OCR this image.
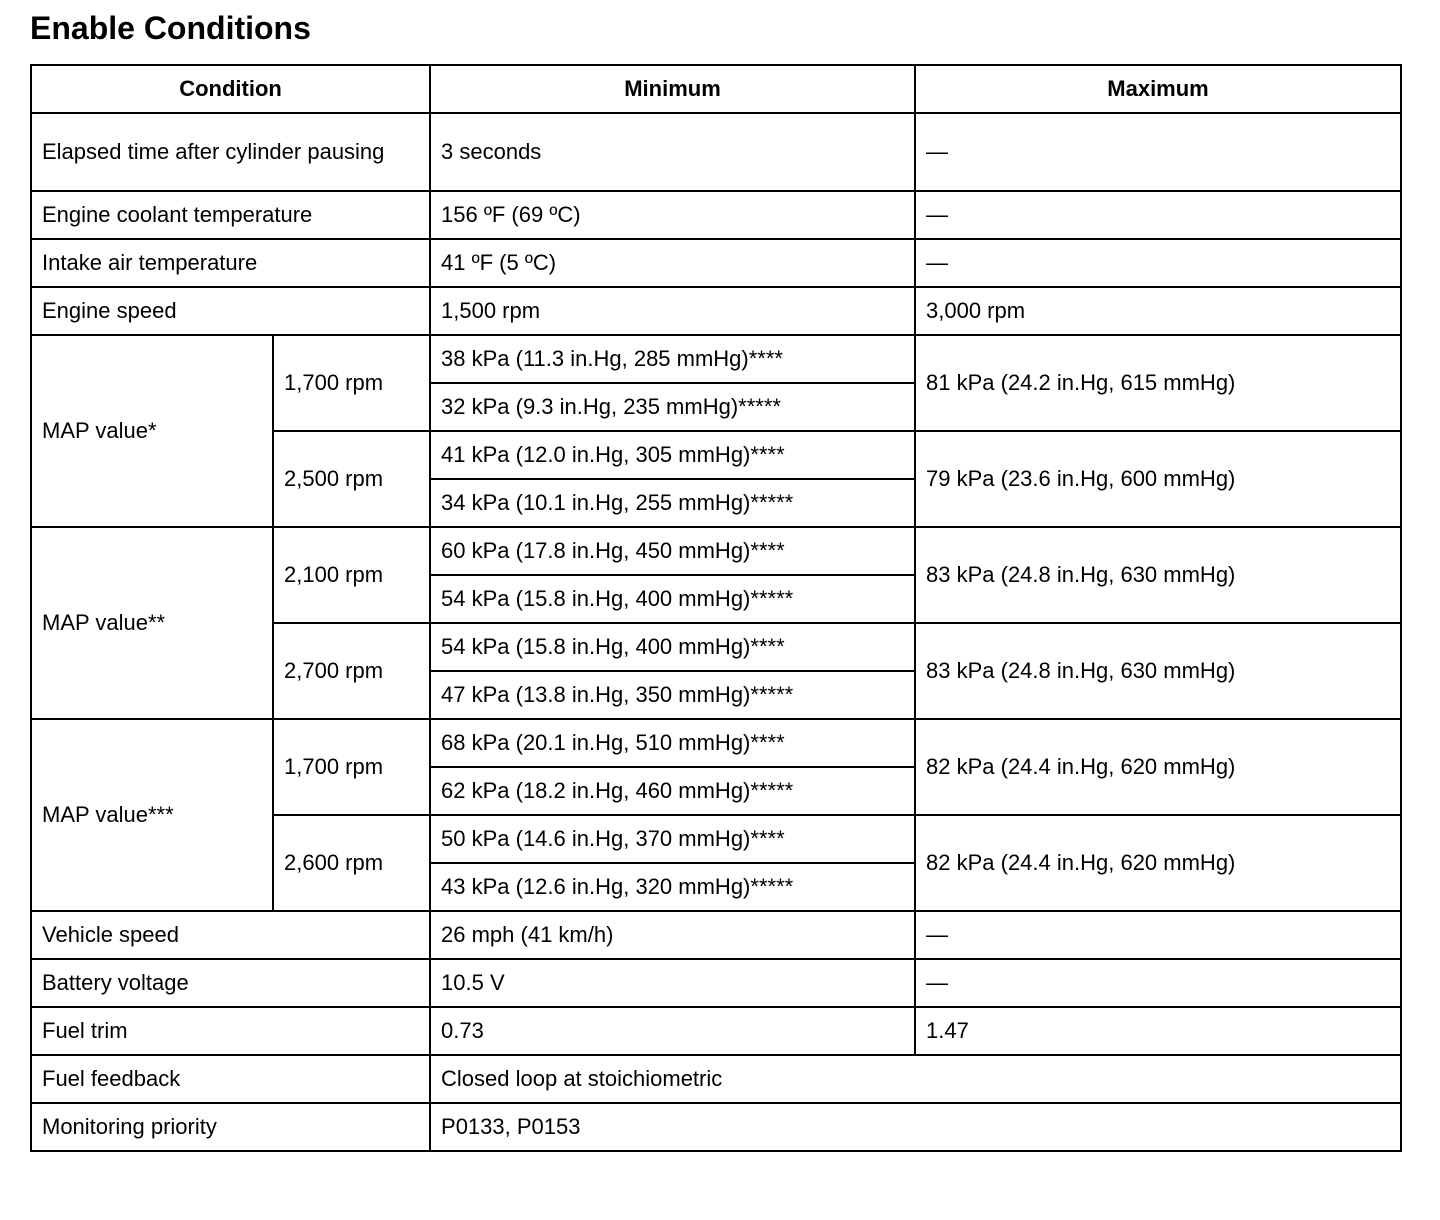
Enable Conditions
Condition		Minimum	Maximum
Elapsed time after cylinder pausing		3 seconds	—
Engine coolant temperature		156 ºF (69 ºC)	—
Intake air temperature		41 ºF (5 ºC)	—
Engine speed		1,500 rpm	3,000 rpm
MAP value*	1,700 rpm	38 kPa (11.3 in.Hg, 285 mmHg)****	81 kPa (24.2 in.Hg, 615 mmHg)
		32 kPa (9.3 in.Hg, 235 mmHg)*****	
	2,500 rpm	41 kPa (12.0 in.Hg, 305 mmHg)****	79 kPa (23.6 in.Hg, 600 mmHg)
		34 kPa (10.1 in.Hg, 255 mmHg)*****	
MAP value**	2,100 rpm	60 kPa (17.8 in.Hg, 450 mmHg)****	83 kPa (24.8 in.Hg, 630 mmHg)
		54 kPa (15.8 in.Hg, 400 mmHg)*****	
	2,700 rpm	54 kPa (15.8 in.Hg, 400 mmHg)****	83 kPa (24.8 in.Hg, 630 mmHg)
		47 kPa (13.8 in.Hg, 350 mmHg)*****	
MAP value***	1,700 rpm	68 kPa (20.1 in.Hg, 510 mmHg)****	82 kPa (24.4 in.Hg, 620 mmHg)
		62 kPa (18.2 in.Hg, 460 mmHg)*****	
	2,600 rpm	50 kPa (14.6 in.Hg, 370 mmHg)****	82 kPa (24.4 in.Hg, 620 mmHg)
		43 kPa (12.6 in.Hg, 320 mmHg)*****	
Vehicle speed		26 mph (41 km/h)	—
Battery voltage		10.5 V	—
Fuel trim		0.73	1.47
Fuel feedback		Closed loop at stoichiometric	
Monitoring priority		P0133, P0153	
